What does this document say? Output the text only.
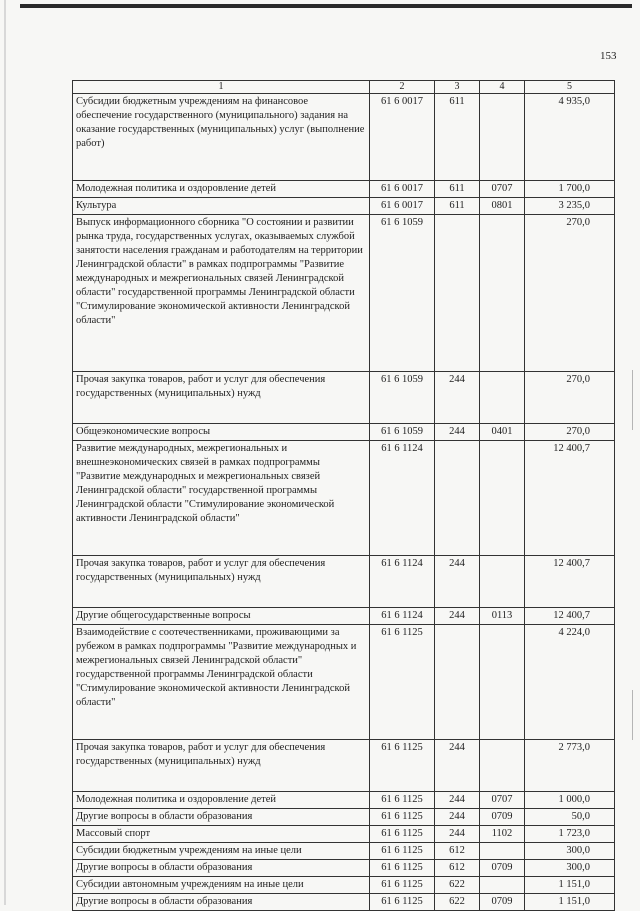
153
1	2	3	4	5
Субсидии бюджетным учреждениям на финансовое обеспечение государственного (муниципального) задания на оказание государственных (муниципальных) услуг (выполнение работ)	61 6 0017	611		4 935,0
Молодежная политика и оздоровление детей	61 6 0017	611	0707	1 700,0
Культура	61 6 0017	611	0801	3 235,0
Выпуск информационного сборника "О состоянии и развитии рынка труда, государственных услугах, оказываемых службой занятости населения гражданам и работодателям на территории Ленинградской области" в рамках подпрограммы "Развитие международных и межрегиональных связей Ленинградской области" государственной программы Ленинградской области "Стимулирование экономической активности Ленинградской области"	61 6 1059			270,0
Прочая закупка товаров, работ и услуг для обеспечения государственных (муниципальных) нужд	61 6 1059	244		270,0
Общеэкономические вопросы	61 6 1059	244	0401	270,0
Развитие международных, межрегиональных и внешнеэкономических связей в рамках подпрограммы "Развитие международных и межрегиональных связей Ленинградской области" государственной программы Ленинградской области "Стимулирование экономической активности Ленинградской области"	61 6 1124			12 400,7
Прочая закупка товаров, работ и услуг для обеспечения государственных (муниципальных) нужд	61 6 1124	244		12 400,7
Другие общегосударственные вопросы	61 6 1124	244	0113	12 400,7
Взаимодействие с соотечественниками, проживающими за рубежом в рамках подпрограммы "Развитие международных и межрегиональных связей Ленинградской области" государственной программы Ленинградской области "Стимулирование экономической активности Ленинградской области"	61 6 1125			4 224,0
Прочая закупка товаров, работ и услуг для обеспечения государственных (муниципальных) нужд	61 6 1125	244		2 773,0
Молодежная политика и оздоровление детей	61 6 1125	244	0707	1 000,0
Другие вопросы в области образования	61 6 1125	244	0709	50,0
Массовый спорт	61 6 1125	244	1102	1 723,0
Субсидии бюджетным учреждениям на иные цели	61 6 1125	612		300,0
Другие вопросы в области образования	61 6 1125	612	0709	300,0
Субсидии автономным учреждениям на иные цели	61 6 1125	622		1 151,0
Другие вопросы в области образования	61 6 1125	622	0709	1 151,0
